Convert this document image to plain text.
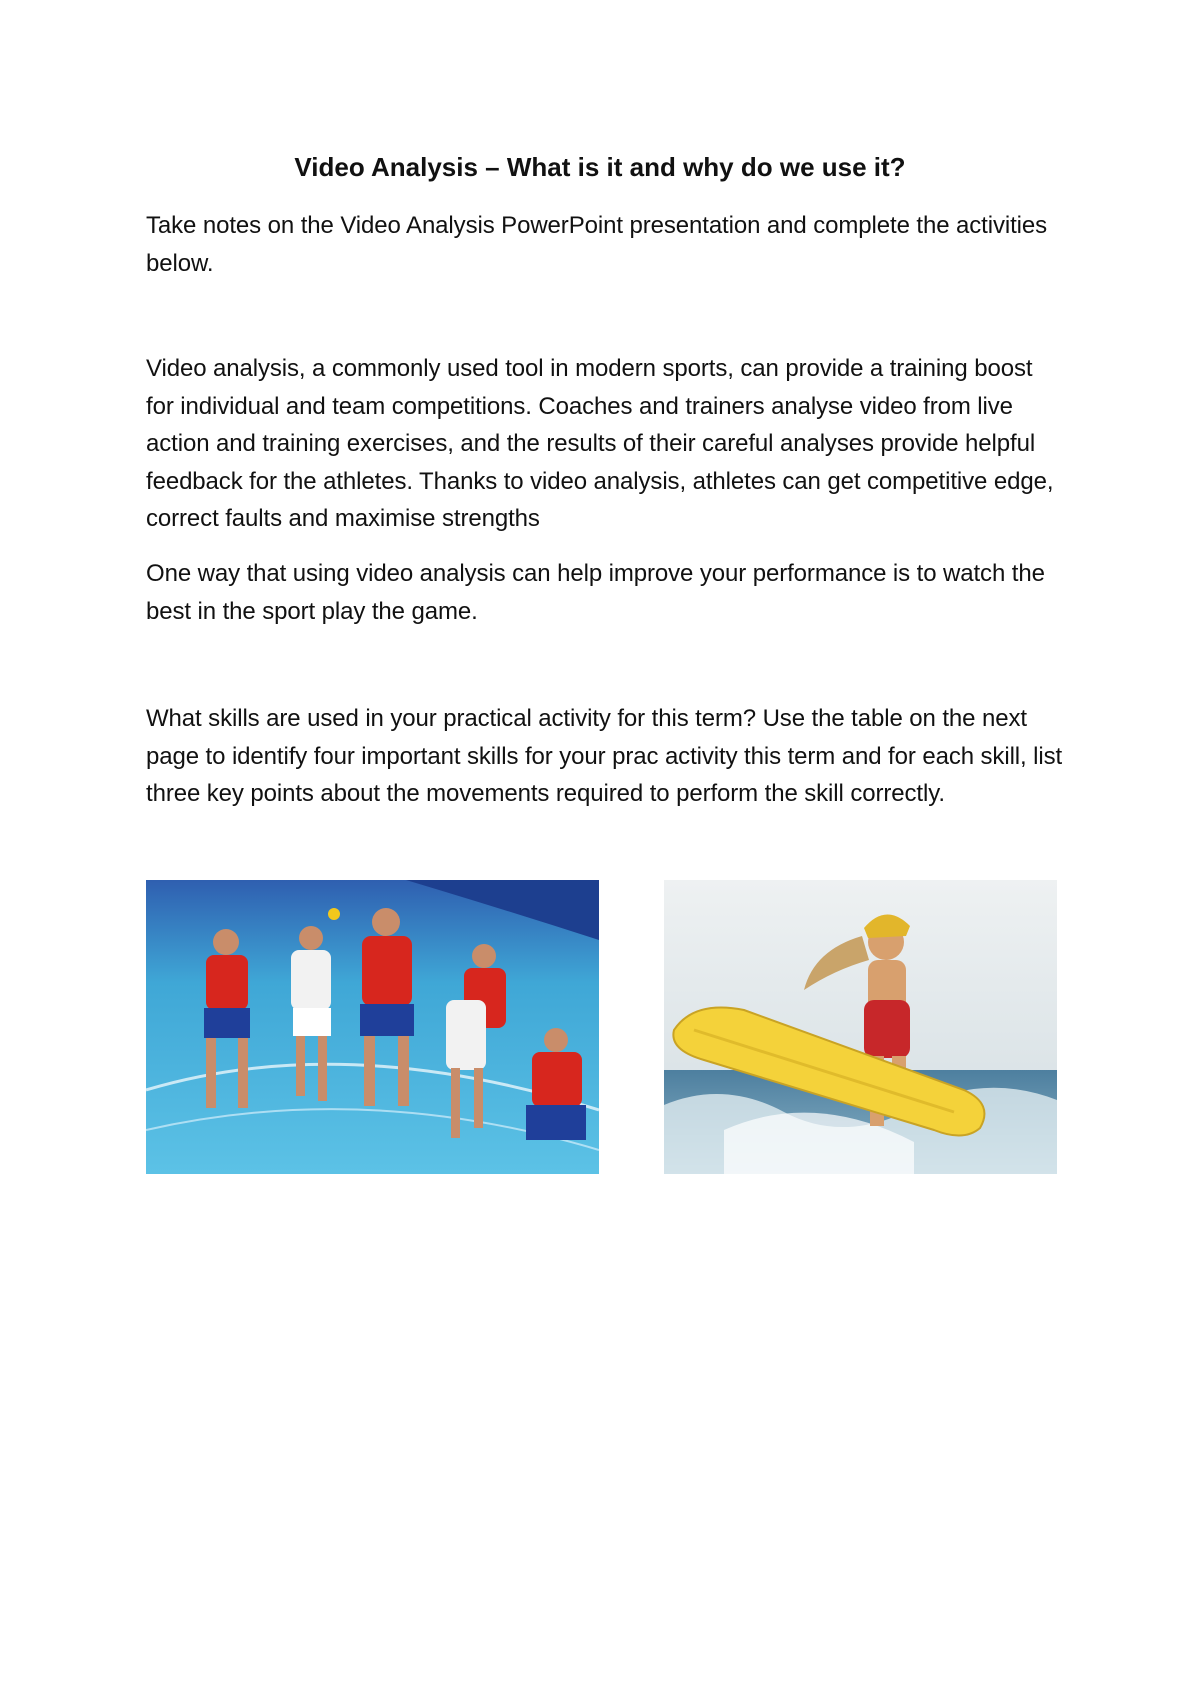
Video Analysis – What is it and why do we use it?

Take notes on the Video Analysis PowerPoint presentation and complete the activities below.

Video analysis, a commonly used tool in modern sports, can provide a training boost for individual and team competitions. Coaches and trainers analyse video from live action and training exercises, and the results of their careful analyses provide helpful feedback for the athletes. Thanks to video analysis, athletes can get competitive edge, correct faults and maximise strengths

One way that using video analysis can help improve your performance is to watch the best in the sport play the game.

What skills are used in your practical activity for this term? Use the table on the next page to identify four important skills for your prac activity this term and for each skill, list three key points about the movements required to perform the skill correctly.
